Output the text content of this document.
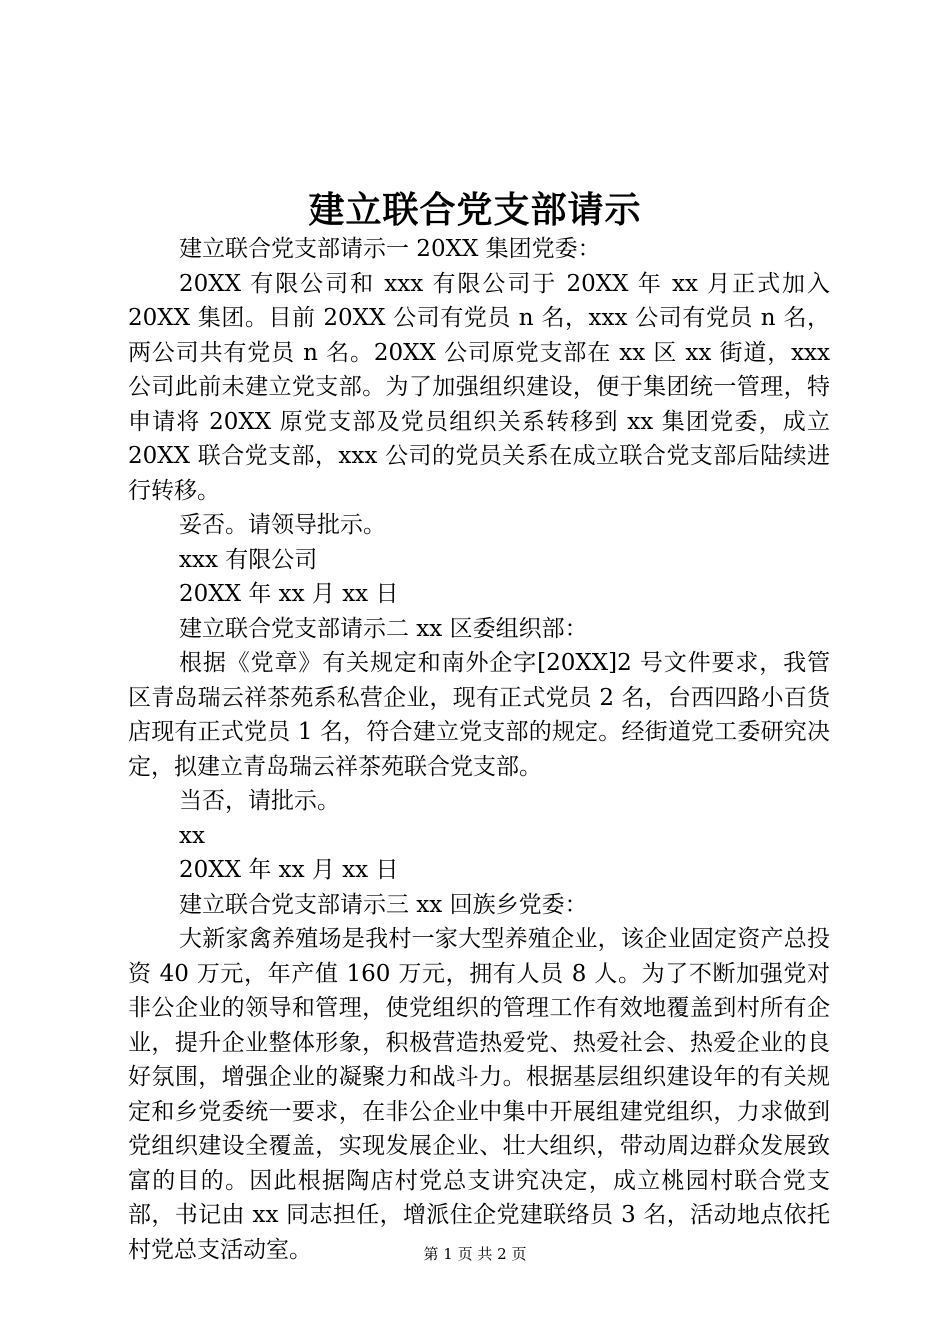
建立联合党支部请示

建立联合党支部请示一 20XX 集团党委：

20XX 有限公司和 xxx 有限公司于 20XX 年 xx 月正式加入 20XX 集团。目前 20XX 公司有党员 n 名，xxx 公司有党员 n 名，两公司共有党员 n 名。20XX 公司原党支部在 xx 区 xx 街道，xxx 公司此前未建立党支部。为了加强组织建设，便于集团统一管理，特申请将 20XX 原党支部及党员组织关系转移到 xx 集团党委，成立 20XX 联合党支部，xxx 公司的党员关系在成立联合党支部后陆续进行转移。

妥否。请领导批示。

xxx 有限公司

20XX 年 xx 月 xx 日

建立联合党支部请示二 xx 区委组织部：

根据《党章》有关规定和南外企字[20XX]2 号文件要求，我管区青岛瑞云祥茶苑系私营企业，现有正式党员 2 名，台西四路小百货店现有正式党员 1 名，符合建立党支部的规定。经街道党工委研究决定，拟建立青岛瑞云祥茶苑联合党支部。

当否，请批示。

xx

20XX 年 xx 月 xx 日

建立联合党支部请示三 xx 回族乡党委：

大新家禽养殖场是我村一家大型养殖企业，该企业固定资产总投资 40 万元，年产值 160 万元，拥有人员 8 人。为了不断加强党对非公企业的领导和管理，使党组织的管理工作有效地覆盖到村所有企业，提升企业整体形象，积极营造热爱党、热爱社会、热爱企业的良好氛围，增强企业的凝聚力和战斗力。根据基层组织建设年的有关规定和乡党委统一要求，在非公企业中集中开展组建党组织，力求做到党组织建设全覆盖，实现发展企业、壮大组织，带动周边群众发展致富的目的。因此根据陶店村党总支讲究决定，成立桃园村联合党支部，书记由 xx 同志担任，增派住企党建联络员 3 名，活动地点依托村党总支活动室。	第 1 页 共 2 页
